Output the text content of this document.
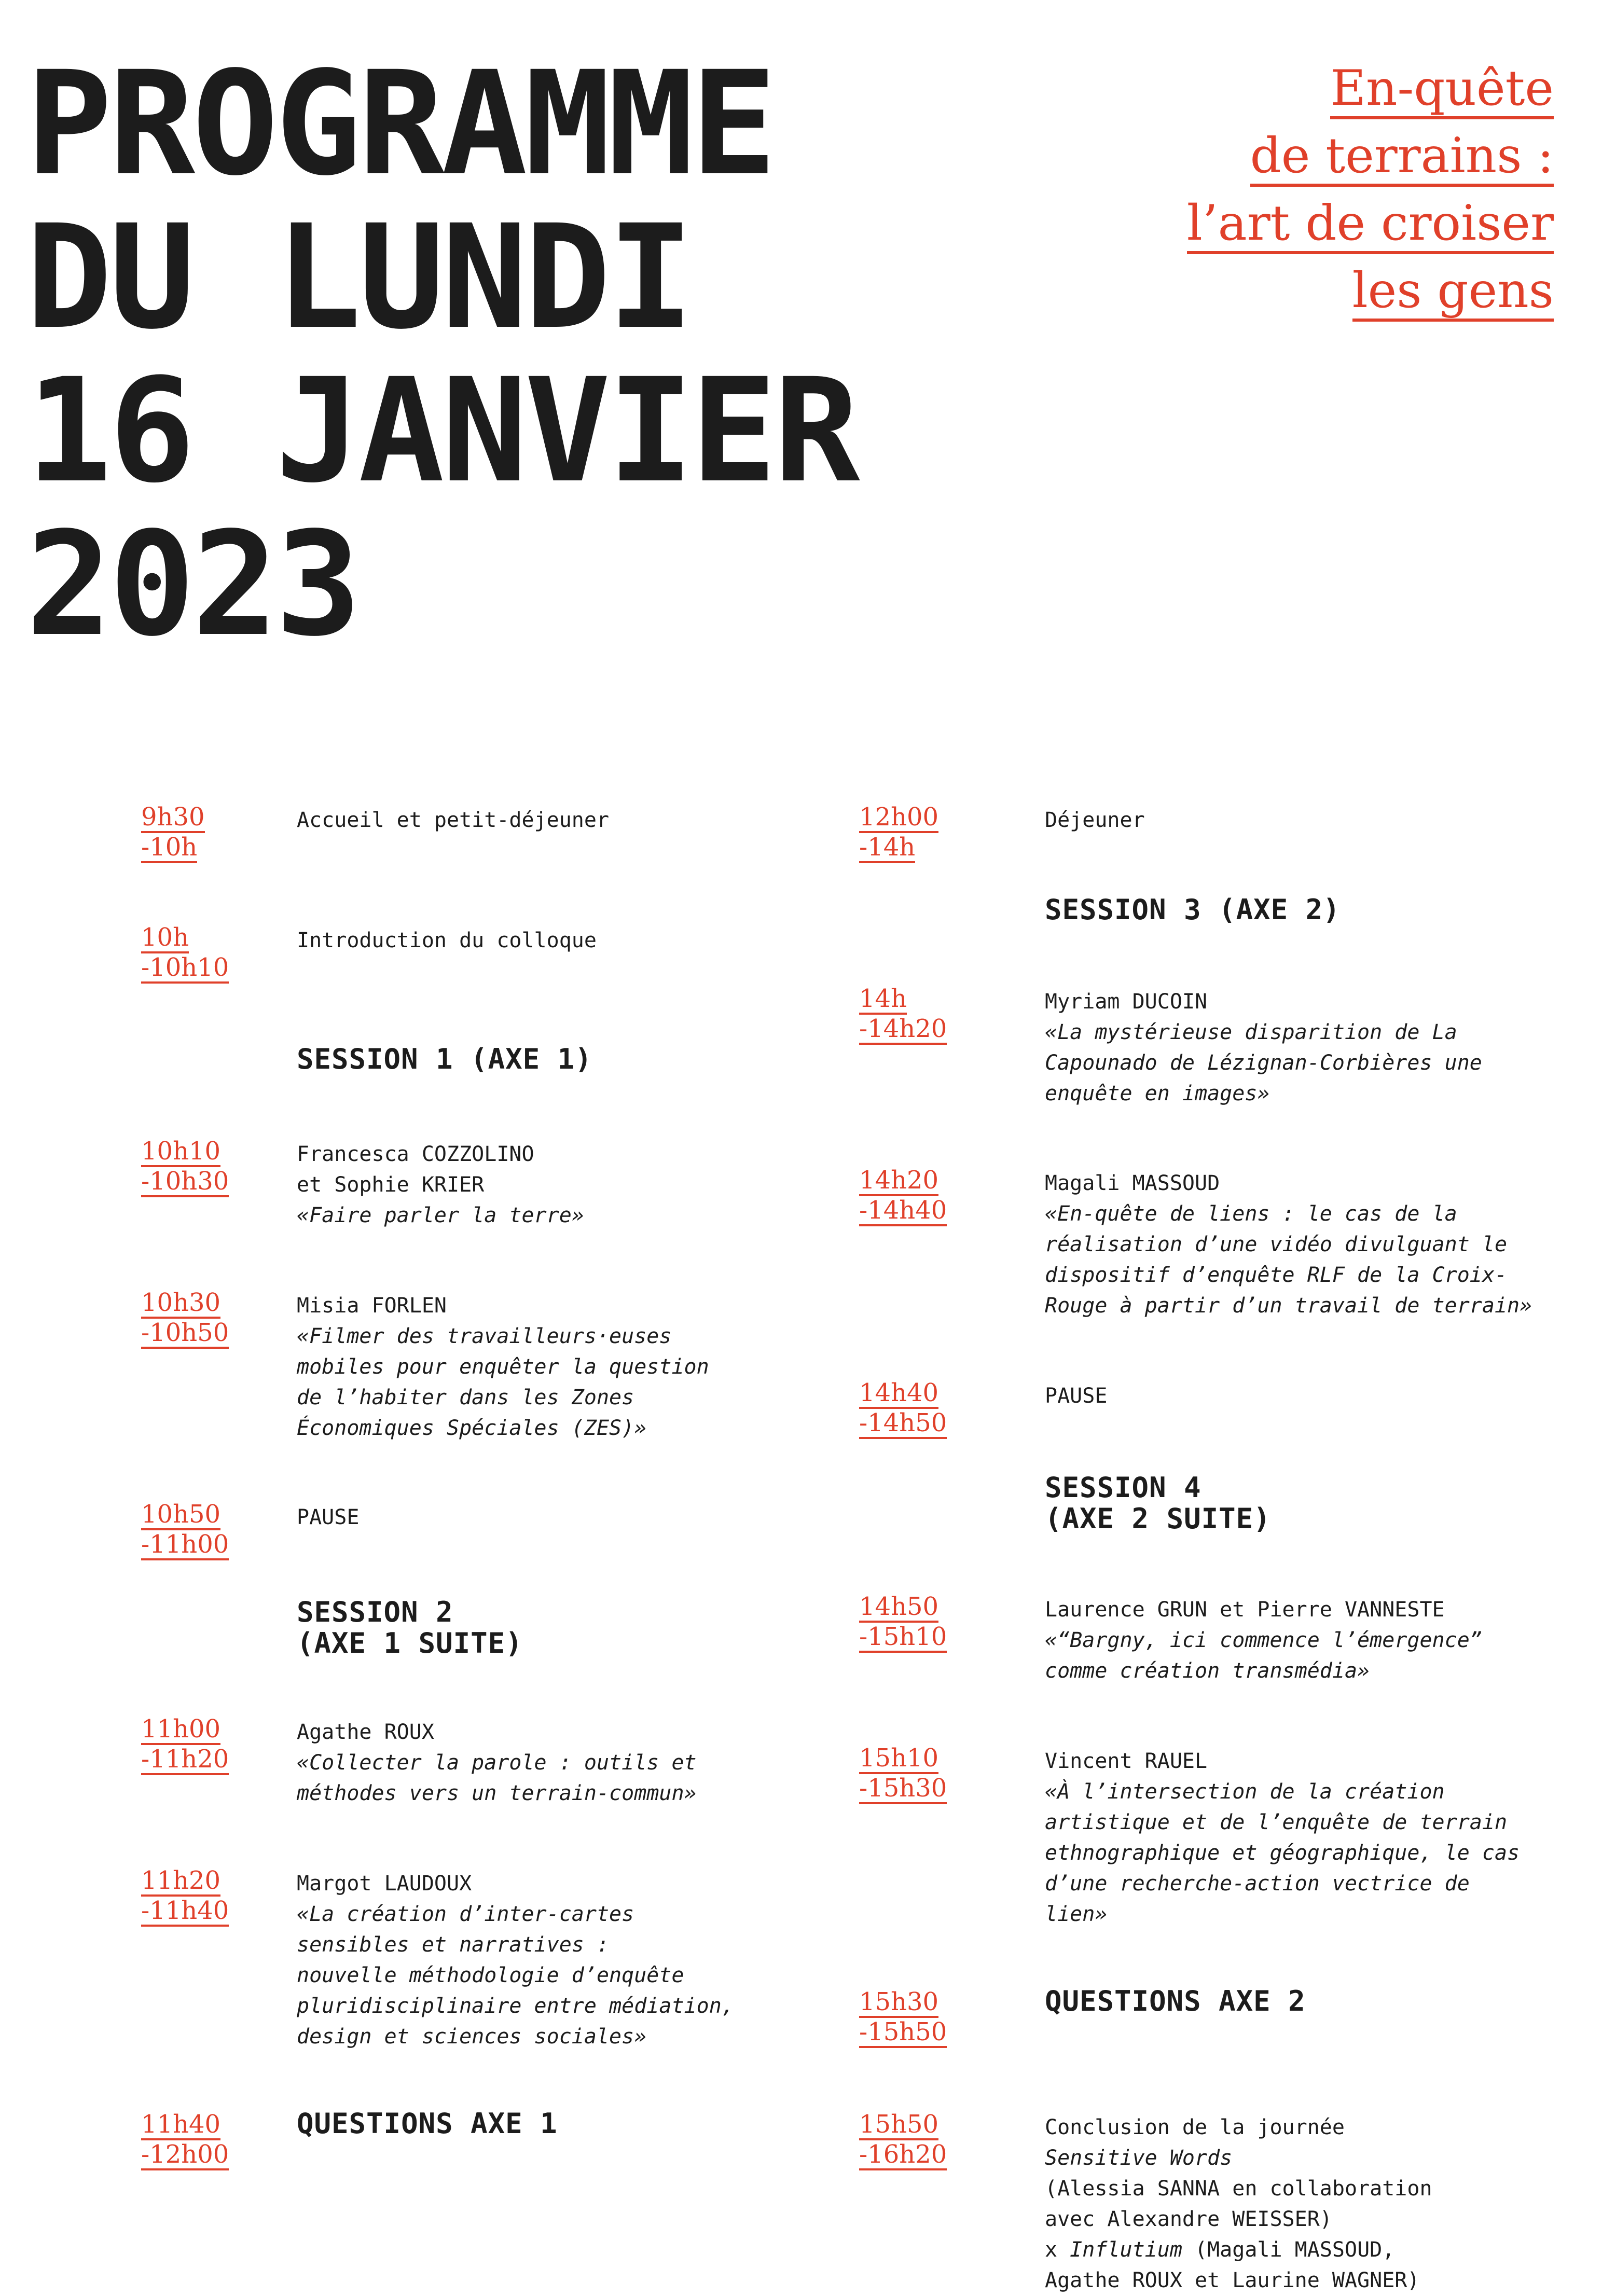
PROGRAMME
DU LUNDI
16 JANVIER
2023
En-quête
de terrains :
l’art de croiser
les gens
9h30
-10h
Accueil et petit-déjeuner
10h
-10h10
Introduction du colloque
SESSION 1 (AXE 1)
10h10
-10h30
Francesca COZZOLINO
et Sophie KRIER
«Faire parler la terre»
10h30
-10h50
Misia FORLEN
«Filmer des travailleurs·euses
mobiles pour enquêter la question
de l’habiter dans les Zones
Économiques Spéciales (ZES)»
10h50
-11h00
PAUSE
SESSION 2
(AXE 1 SUITE)
11h00
-11h20
Agathe ROUX
«Collecter la parole : outils et
méthodes vers un terrain-commun»
11h20
-11h40
Margot LAUDOUX
«La création d’inter-cartes
sensibles et narratives :
nouvelle méthodologie d’enquête
pluridisciplinaire entre médiation,
design et sciences sociales»
11h40
-12h00
QUESTIONS AXE 1
12h00
-14h
Déjeuner
SESSION 3 (AXE 2)
14h
-14h20
Myriam DUCOIN
«La mystérieuse disparition de La
Capounado de Lézignan-Corbières une
enquête en images»
14h20
-14h40
Magali MASSOUD
«En-quête de liens : le cas de la
réalisation d’une vidéo divulguant le
dispositif d’enquête RLF de la Croix-
Rouge à partir d’un travail de terrain»
14h40
-14h50
PAUSE
SESSION 4
(AXE 2 SUITE)
14h50
-15h10
Laurence GRUN et Pierre VANNESTE
«“Bargny, ici commence l’émergence”
comme création transmédia»
15h10
-15h30
Vincent RAUEL
«À l’intersection de la création
artistique et de l’enquête de terrain
ethnographique et géographique, le cas
d’une recherche-action vectrice de
lien»
15h30
-15h50
QUESTIONS AXE 2
15h50
-16h20
Conclusion de la journée
Sensitive Words
(Alessia SANNA en collaboration
avec Alexandre WEISSER)
x Influtium (Magali MASSOUD,
Agathe ROUX et Laurine WAGNER)
